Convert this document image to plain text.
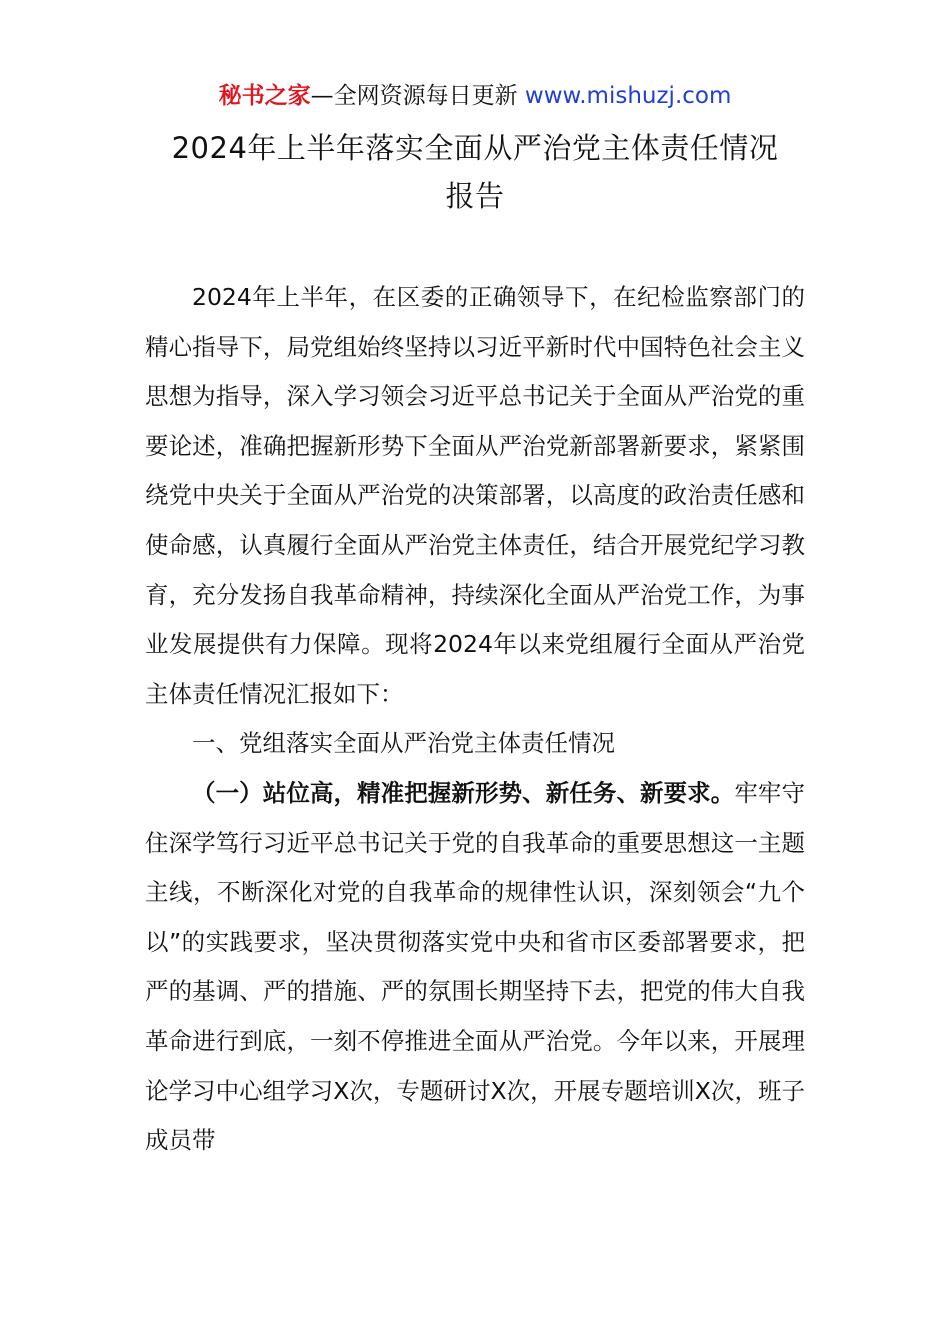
秘书之家—全网资源每日更新 www.mishuzj.com
2024年上半年落实全面从严治党主体责任情况
报告

2024年上半年，在区委的正确领导下，在纪检监察部门的精心指导下，局党组始终坚持以习近平新时代中国特色社会主义思想为指导，深入学习领会习近平总书记关于全面从严治党的重要论述，准确把握新形势下全面从严治党新部署新要求，紧紧围绕党中央关于全面从严治党的决策部署，以高度的政治责任感和使命感，认真履行全面从严治党主体责任，结合开展党纪学习教育，充分发扬自我革命精神，持续深化全面从严治党工作，为事业发展提供有力保障。现将2024年以来党组履行全面从严治党主体责任情况汇报如下：

一、党组落实全面从严治党主体责任情况

（一）站位高，精准把握新形势、新任务、新要求。牢牢守住深学笃行习近平总书记关于党的自我革命的重要思想这一主题主线，不断深化对党的自我革命的规律性认识，深刻领会“九个以”的实践要求，坚决贯彻落实党中央和省市区委部署要求，把严的基调、严的措施、严的氛围长期坚持下去，把党的伟大自我革命进行到底，一刻不停推进全面从严治党。今年以来，开展理论学习中心组学习X次，专题研讨X次，开展专题培训X次，班子成员带
